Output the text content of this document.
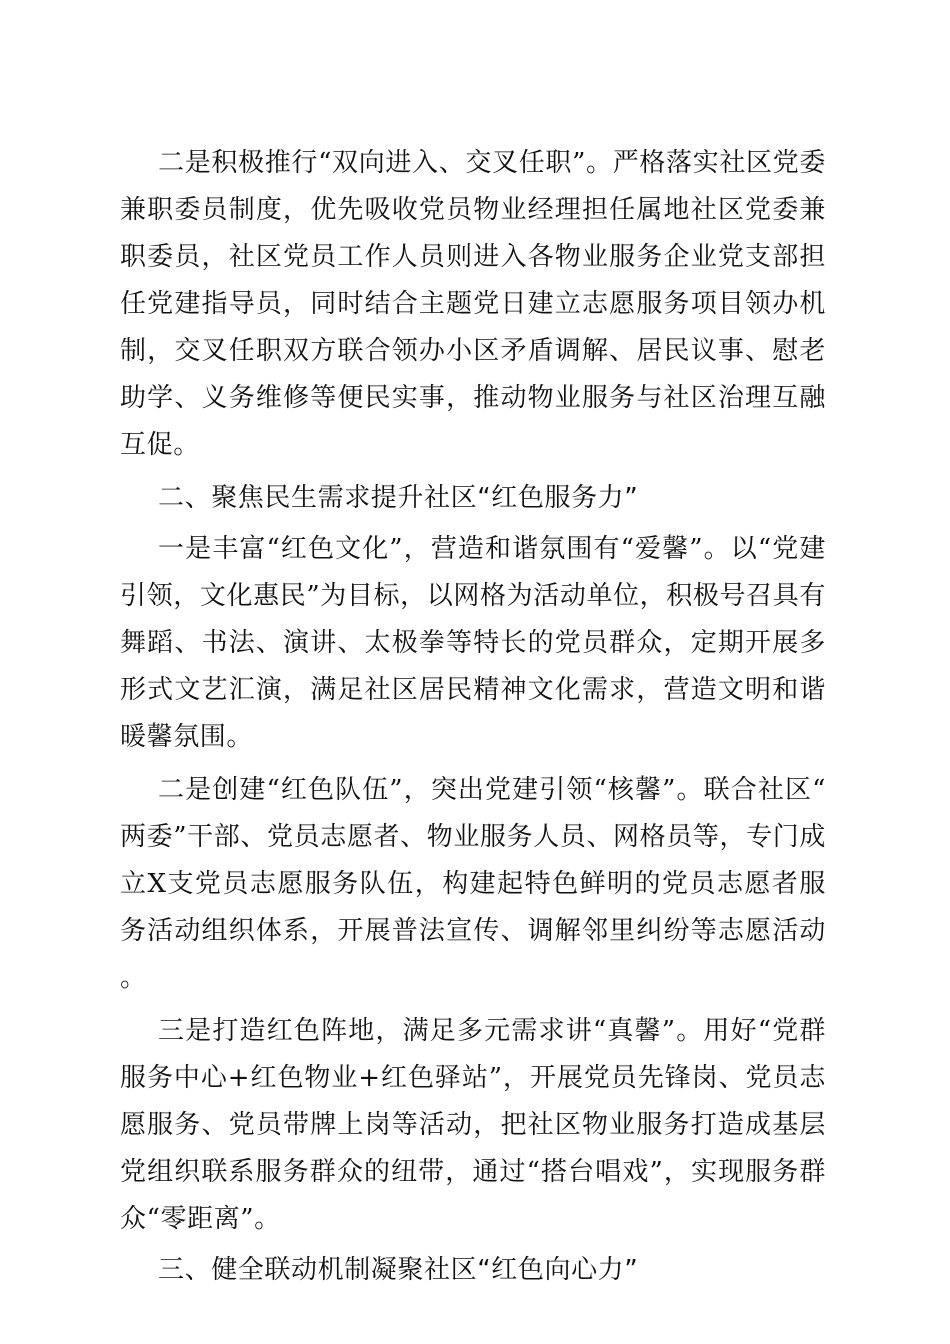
二是积极推行“双向进入、交叉任职”。严格落实社区党委兼职委员制度，优先吸收党员物业经理担任属地社区党委兼职委员，社区党员工作人员则进入各物业服务企业党支部担任党建指导员，同时结合主题党日建立志愿服务项目领办机制，交叉任职双方联合领办小区矛盾调解、居民议事、慰老助学、义务维修等便民实事，推动物业服务与社区治理互融互促。

二、聚焦民生需求提升社区“红色服务力”

一是丰富“红色文化”，营造和谐氛围有“爱馨”。以“党建引领，文化惠民”为目标，以网格为活动单位，积极号召具有舞蹈、书法、演讲、太极拳等特长的党员群众，定期开展多形式文艺汇演，满足社区居民精神文化需求，营造文明和谐暖馨氛围。

二是创建“红色队伍”，突出党建引领“核馨”。联合社区“两委”干部、党员志愿者、物业服务人员、网格员等，专门成立X支党员志愿服务队伍，构建起特色鲜明的党员志愿者服务活动组织体系，开展普法宣传、调解邻里纠纷等志愿活动。

三是打造红色阵地，满足多元需求讲“真馨”。用好“党群服务中心+红色物业+红色驿站”，开展党员先锋岗、党员志愿服务、党员带牌上岗等活动，把社区物业服务打造成基层党组织联系服务群众的纽带，通过“搭台唱戏”，实现服务群众“零距离”。

三、健全联动机制凝聚社区“红色向心力”
